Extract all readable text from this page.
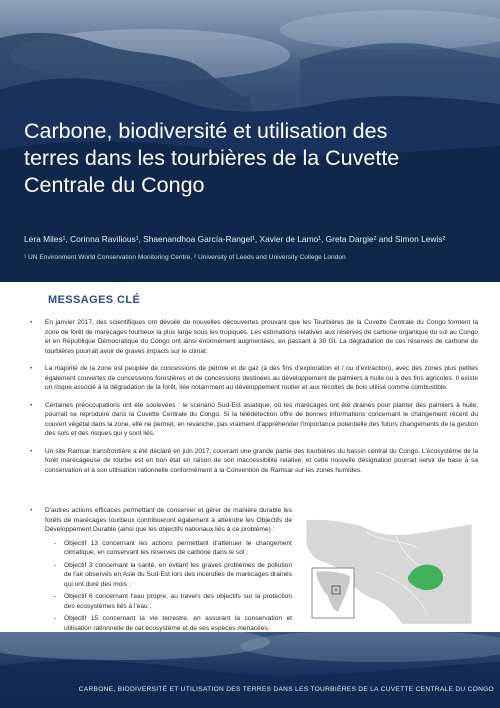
Carbone, biodiversité et utilisation des
terres dans les tourbières de la Cuvette
Centrale du Congo
Lera Miles¹, Corinna Ravilious¹, Shaenandhoa García-Rangel¹, Xavier de Lamo¹, Greta Dargie² and Simon Lewis²
¹ UN Environment World Conservation Monitoring Centre, ² University of Leeds and University College London
MESSAGES CLÉ
• En janvier 2017, des scientifiques ont dévoilé de nouvelles découvertes prouvant que les Tourbières de la Cuvette Centrale du Congo forment la zone de forêt de marécages tourbeux la plus large sous les tropiques. Les estimations relatives aux réserves de carbone organique du sol au Congo et en République Démocratique du Congo ont ainsi énormément augmentées, en passant à 30 Gt. La dégradation de ces réserves de carbone de tourbières pourrait avoir de graves impacts sur le climat.
• La majorité de la zone est peuplée de concessions de pétrole et de gaz (à des fins d'exploration et / ou d'extraction), avec des zones plus petites également couvertes de concessions forestières et de concessions destinées au développement de palmiers à huile ou à des fins agricoles. Il existe un risque associé à la dégradation de la forêt, liée notamment au développement routier et aux récoltes de bois utilisé comme combustible.
• Certaines préoccupations ont été soulevées : le scénario Sud-Est asiatique, où les marécages ont été drainés pour planter des palmiers à huile, pourrait se reproduire dans la Cuvette Centrale du Congo. Si la télédétection offre de bonnes informations concernant le changement récent du couvert végétal dans la zone, elle ne permet, en revanche, pas vraiment d'appréhender l'importance potentielle des futurs changements de la gestion des sols et des risques qui y sont liés.
• Un site Ramsar transfrontière a été déclaré en juin 2017, couvrant une grande partie des tourbières du bassin central du Congo. L'écosystème de la forêt marécageuse de tourbe est en bon état en raison de son inaccessibilité relative, et cette nouvelle désignation pourrait servir de base à sa conservation et à son utilisation rationnelle conformément à la Convention de Ramsar sur les zones humides.
• D'autres actions efficaces permettant de conserver et gérer de manière durable les forêts de marécages tourbeux contribueront également à atteindre les Objectifs de Développement Durable (ainsi que les objectifs nationaux liés à ce problème) :
- Objectif 13 concernant les actions permettant d'atténuer le changement climatique, en conservant les réserves de carbone dans le sol ;
- Objectif 3 concernant la santé, en évitant les graves problèmes de pollution de l'air observés en Asie du Sud-Est lors des incendies de marécages drainés qui ont duré des mois ;
- Objectif 6 concernant l'eau propre, au travers des objectifs sur la protection des écosystèmes liés à l'eau ;
- Objectif 15 concernant la vie terrestre, en assurant la conservation et utilisation rationnelle de cet écosystème et de ses espèces menacées.
CARBONE, BIODIVERSITÉ ET UTILISATION DES TERRES DANS LES TOURBIÈRES DE LA CUVETTE CENTRALE DU CONGO
